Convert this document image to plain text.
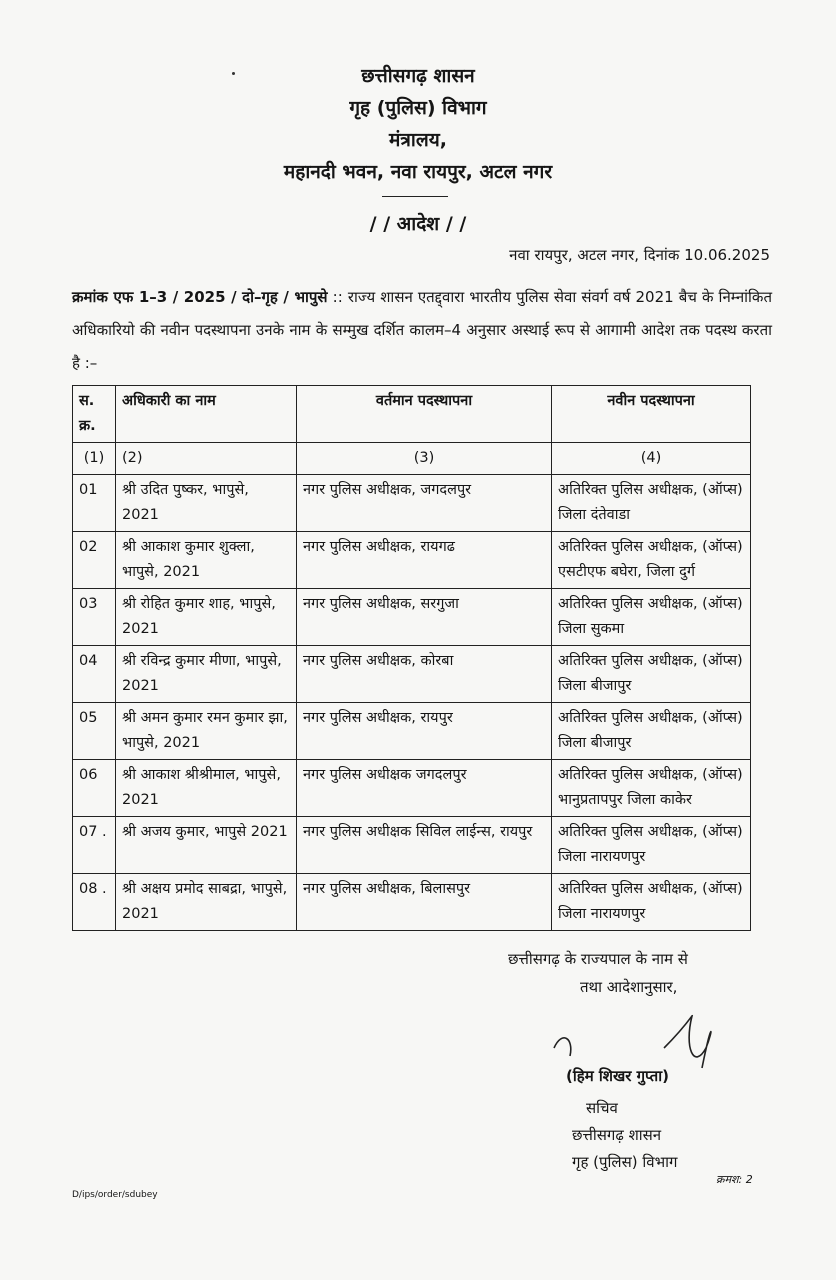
छत्तीसगढ़ शासन
गृह (पुलिस) विभाग
मंत्रालय,
महानदी भवन, नवा रायपुर, अटल नगर
/ / आदेश / /
नवा रायपुर, अटल नगर, दिनांक 10.06.2025
क्रमांक एफ 1–3 / 2025 / दो–गृह / भापुसे :: राज्य शासन एतद्द्वारा भारतीय पुलिस सेवा संवर्ग वर्ष 2021 बैच के निम्नांकित अधिकारियो की नवीन पदस्थापना उनके नाम के सम्मुख दर्शित कालम–4 अनुसार अस्थाई रूप से आगामी आदेश तक पदस्थ करता है :–
स. क्र.	अधिकारी का नाम	वर्तमान पदस्थापना	नवीन पदस्थापना
(1)	(2)	(3)	(4)
01	श्री उदित पुष्कर, भापुसे, 2021	नगर पुलिस अधीक्षक, जगदलपुर	अतिरिक्त पुलिस अधीक्षक, (ऑप्स) जिला दंतेवाडा
02	श्री आकाश कुमार शुक्ला, भापुसे, 2021	नगर पुलिस अधीक्षक, रायगढ	अतिरिक्त पुलिस अधीक्षक, (ऑप्स) एसटीएफ बघेरा, जिला दुर्ग
03	श्री रोहित कुमार शाह, भापुसे, 2021	नगर पुलिस अधीक्षक, सरगुजा	अतिरिक्त पुलिस अधीक्षक, (ऑप्स) जिला सुकमा
04	श्री रविन्द्र कुमार मीणा, भापुसे, 2021	नगर पुलिस अधीक्षक, कोरबा	अतिरिक्त पुलिस अधीक्षक, (ऑप्स) जिला बीजापुर
05	श्री अमन कुमार रमन कुमार झा, भापुसे, 2021	नगर पुलिस अधीक्षक, रायपुर	अतिरिक्त पुलिस अधीक्षक, (ऑप्स) जिला बीजापुर
06	श्री आकाश श्रीश्रीमाल, भापुसे, 2021	नगर पुलिस अधीक्षक जगदलपुर	अतिरिक्त पुलिस अधीक्षक, (ऑप्स) भानुप्रतापपुर जिला काकेर
07 .	श्री अजय कुमार, भापुसे 2021	नगर पुलिस अधीक्षक सिविल लाईन्स, रायपुर	अतिरिक्त पुलिस अधीक्षक, (ऑप्स) जिला नारायणपुर
08 .	श्री अक्षय प्रमोद साबद्रा, भापुसे, 2021	नगर पुलिस अधीक्षक, बिलासपुर	अतिरिक्त पुलिस अधीक्षक, (ऑप्स) जिला नारायणपुर
छत्तीसगढ़ के राज्यपाल के नाम से
तथा आदेशानुसार,
(हिम शिखर गुप्ता)
सचिव
छत्तीसगढ़ शासन
गृह (पुलिस) विभाग
D/ips/order/sdubey
क्रमश: 2
